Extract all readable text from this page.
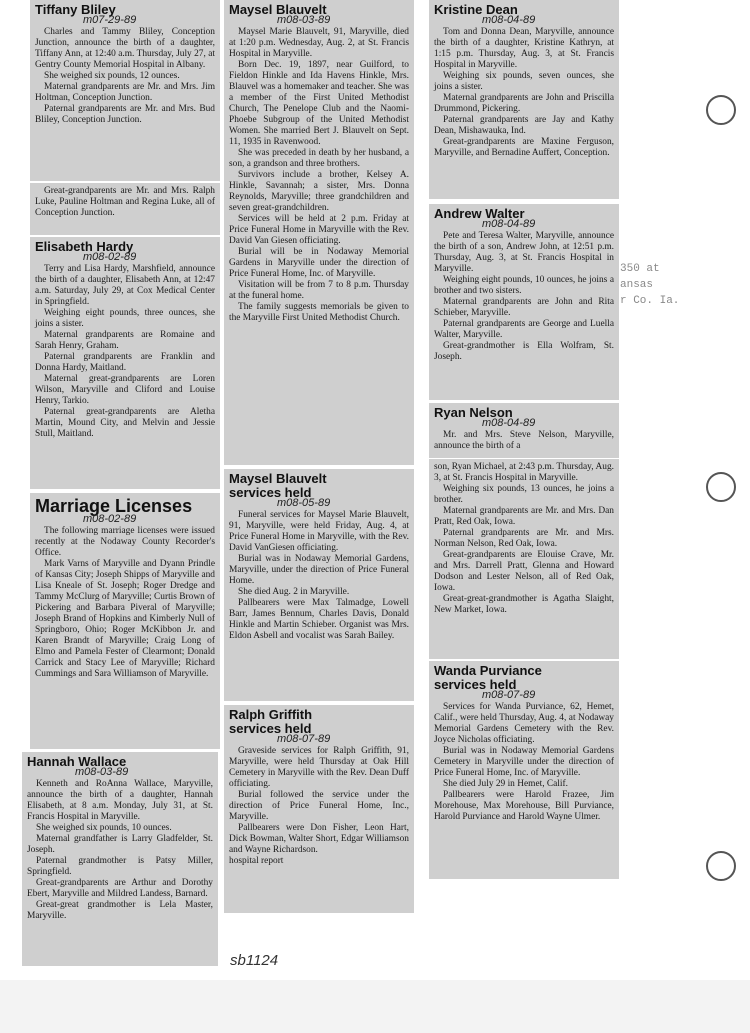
350 at
ansas
r Co. Ia.
Tiffany Bliley
m07-29-89

Charles and Tammy Bliley, Conception Junction, announce the birth of a daughter, Tiffany Ann, at 12:40 a.m. Thursday, July 27, at Gentry County Memorial Hospital in Albany.

She weighed six pounds, 12 ounces.

Maternal grandparents are Mr. and Mrs. Jim Holtman, Conception Junction.

Paternal grandparents are Mr. and Mrs. Bud Bliley, Conception Junction.

Great-grandparents are Mr. and Mrs. Ralph Luke, Pauline Holtman and Regina Luke, all of Conception Junction.

Elisabeth Hardy
m08-02-89

Terry and Lisa Hardy, Marshfield, announce the birth of a daughter, Elisabeth Ann, at 12:47 a.m. Saturday, July 29, at Cox Medical Center in Springfield.

Weighing eight pounds, three ounces, she joins a sister.

Maternal grandparents are Romaine and Sarah Henry, Graham.

Paternal grandparents are Franklin and Donna Hardy, Maitland.

Maternal great-grandparents are Loren Wilson, Maryville and Cliford and Louise Henry, Tarkio.

Paternal great-grandparents are Aletha Martin, Mound City, and Melvin and Jessie Stull, Maitland.

Marriage Licenses
m08-02-89

The following marriage licenses were issued recently at the Nodaway County Recorder's Office.

Mark Varns of Maryville and Dyann Prindle of Kansas City; Joseph Shipps of Maryville and Lisa Kneale of St. Joseph; Roger Dredge and Tammy McClurg of Maryville; Curtis Brown of Pickering and Barbara Piveral of Maryville; Joseph Brand of Hopkins and Kimberly Null of Springboro, Ohio; Roger McKibbon Jr. and Karen Brandt of Maryville; Craig Long of Elmo and Pamela Fester of Clearmont; Donald Carrick and Stacy Lee of Maryville; Richard Cummings and Sara Williamson of Maryville.

Hannah Wallace
m08-03-89

Kenneth and RoAnna Wallace, Maryville, announce the birth of a daughter, Hannah Elisabeth, at 8 a.m. Monday, July 31, at St. Francis Hospital in Maryville.

She weighed six pounds, 10 ounces.

Maternal grandfather is Larry Gladfelder, St. Joseph.

Paternal grandmother is Patsy Miller, Springfield.

Great-grandparents are Arthur and Dorothy Ebert, Maryville and Mildred Landess, Barnard.

Great-great grandmother is Lela Master, Maryville.

Maysel Blauvelt
m08-03-89

Maysel Marie Blauvelt, 91, Maryville, died at 1:20 p.m. Wednesday, Aug. 2, at St. Francis Hospital in Maryville.

Born Dec. 19, 1897, near Guilford, to Fieldon Hinkle and Ida Havens Hinkle, Mrs. Blauvel was a homemaker and teacher. She was a member of the First United Methodist Church, The Penelope Club and the Naomi-Phoebe Subgroup of the United Methodist Women. She married Bert J. Blauvelt on Sept. 11, 1935 in Ravenwood.

She was preceded in death by her husband, a son, a grandson and three brothers.

Survivors include a brother, Kelsey A. Hinkle, Savannah; a sister, Mrs. Donna Reynolds, Maryville; three grandchildren and seven great-grandchildren.

Services will be held at 2 p.m. Friday at Price Funeral Home in Maryville with the Rev. David Van Giesen officiating.

Burial will be in Nodaway Memorial Gardens in Maryville under the direction of Price Funeral Home, Inc. of Maryville.

Visitation will be from 7 to 8 p.m. Thursday at the funeral home.

The family suggests memorials be given to the Maryville First United Methodist Church.

Maysel Blauvelt
services held
m08-05-89

Funeral services for Maysel Marie Blauvelt, 91, Maryville, were held Friday, Aug. 4, at Price Funeral Home in Maryville, with the Rev. David VanGiesen officiating.

Burial was in Nodaway Memorial Gardens, Maryville, under the direction of Price Funeral Home.

She died Aug. 2 in Maryville.

Pallbearers were Max Talmadge, Lowell Barr, James Bennum, Charles Davis, Donald Hinkle and Martin Schieber. Organist was Mrs. Eldon Asbell and vocalist was Sarah Bailey.

Ralph Griffith
services held
m08-07-89

Graveside services for Ralph Griffith, 91, Maryville, were held Thursday at Oak Hill Cemetery in Maryville with the Rev. Dean Duff officiating.

Burial followed the service under the direction of Price Funeral Home, Inc., Maryville.

Pallbearers were Don Fisher, Leon Hart, Dick Bowman, Walter Short, Edgar Williamson and Wayne Richardson.

hospital report

Kristine Dean
m08-04-89

Tom and Donna Dean, Maryville, announce the birth of a daughter, Kristine Kathryn, at 1:15 p.m. Thursday, Aug. 3, at St. Francis Hospital in Maryville.

Weighing six pounds, seven ounces, she joins a sister.

Maternal grandparents are John and Priscilla Drummond, Pickering.

Paternal grandparents are Jay and Kathy Dean, Mishawauka, Ind.

Great-grandparents are Maxine Ferguson, Maryville, and Bernadine Auffert, Conception.

Andrew Walter
m08-04-89

Pete and Teresa Walter, Maryville, announce the birth of a son, Andrew John, at 12:51 p.m. Thursday, Aug. 3, at St. Francis Hospital in Maryville.

Weighing eight pounds, 10 ounces, he joins a brother and two sisters.

Maternal grandparents are John and Rita Schieber, Maryville.

Paternal grandparents are George and Luella Walter, Maryville.

Great-grandmother is Ella Wolfram, St. Joseph.

Ryan Nelson
m08-04-89

Mr. and Mrs. Steve Nelson, Maryville, announce the birth of a

son, Ryan Michael, at 2:43 p.m. Thursday, Aug. 3, at St. Francis Hospital in Maryville.

Weighing six pounds, 13 ounces, he joins a brother.

Maternal grandparents are Mr. and Mrs. Dan Pratt, Red Oak, Iowa.

Paternal grandparents are Mr. and Mrs. Norman Nelson, Red Oak, Iowa.

Great-grandparents are Elouise Crave, Mr. and Mrs. Darrell Pratt, Glenna and Howard Dodson and Lester Nelson, all of Red Oak, Iowa.

Great-great-grandmother is Agatha Slaight, New Market, Iowa.

Wanda Purviance
services held
m08-07-89

Services for Wanda Purviance, 62, Hemet, Calif., were held Thursday, Aug. 4, at Nodaway Memorial Gardens Cemetery with the Rev. Joyce Nicholas officiating.

Burial was in Nodaway Memorial Gardens Cemetery in Maryville under the direction of Price Funeral Home, Inc. of Maryville.

She died July 29 in Hemet, Calif.

Pallbearers were Harold Frazee, Jim Morehouse, Max Morehouse, Bill Purviance, Harold Purviance and Harold Wayne Ulmer.

sb1124
